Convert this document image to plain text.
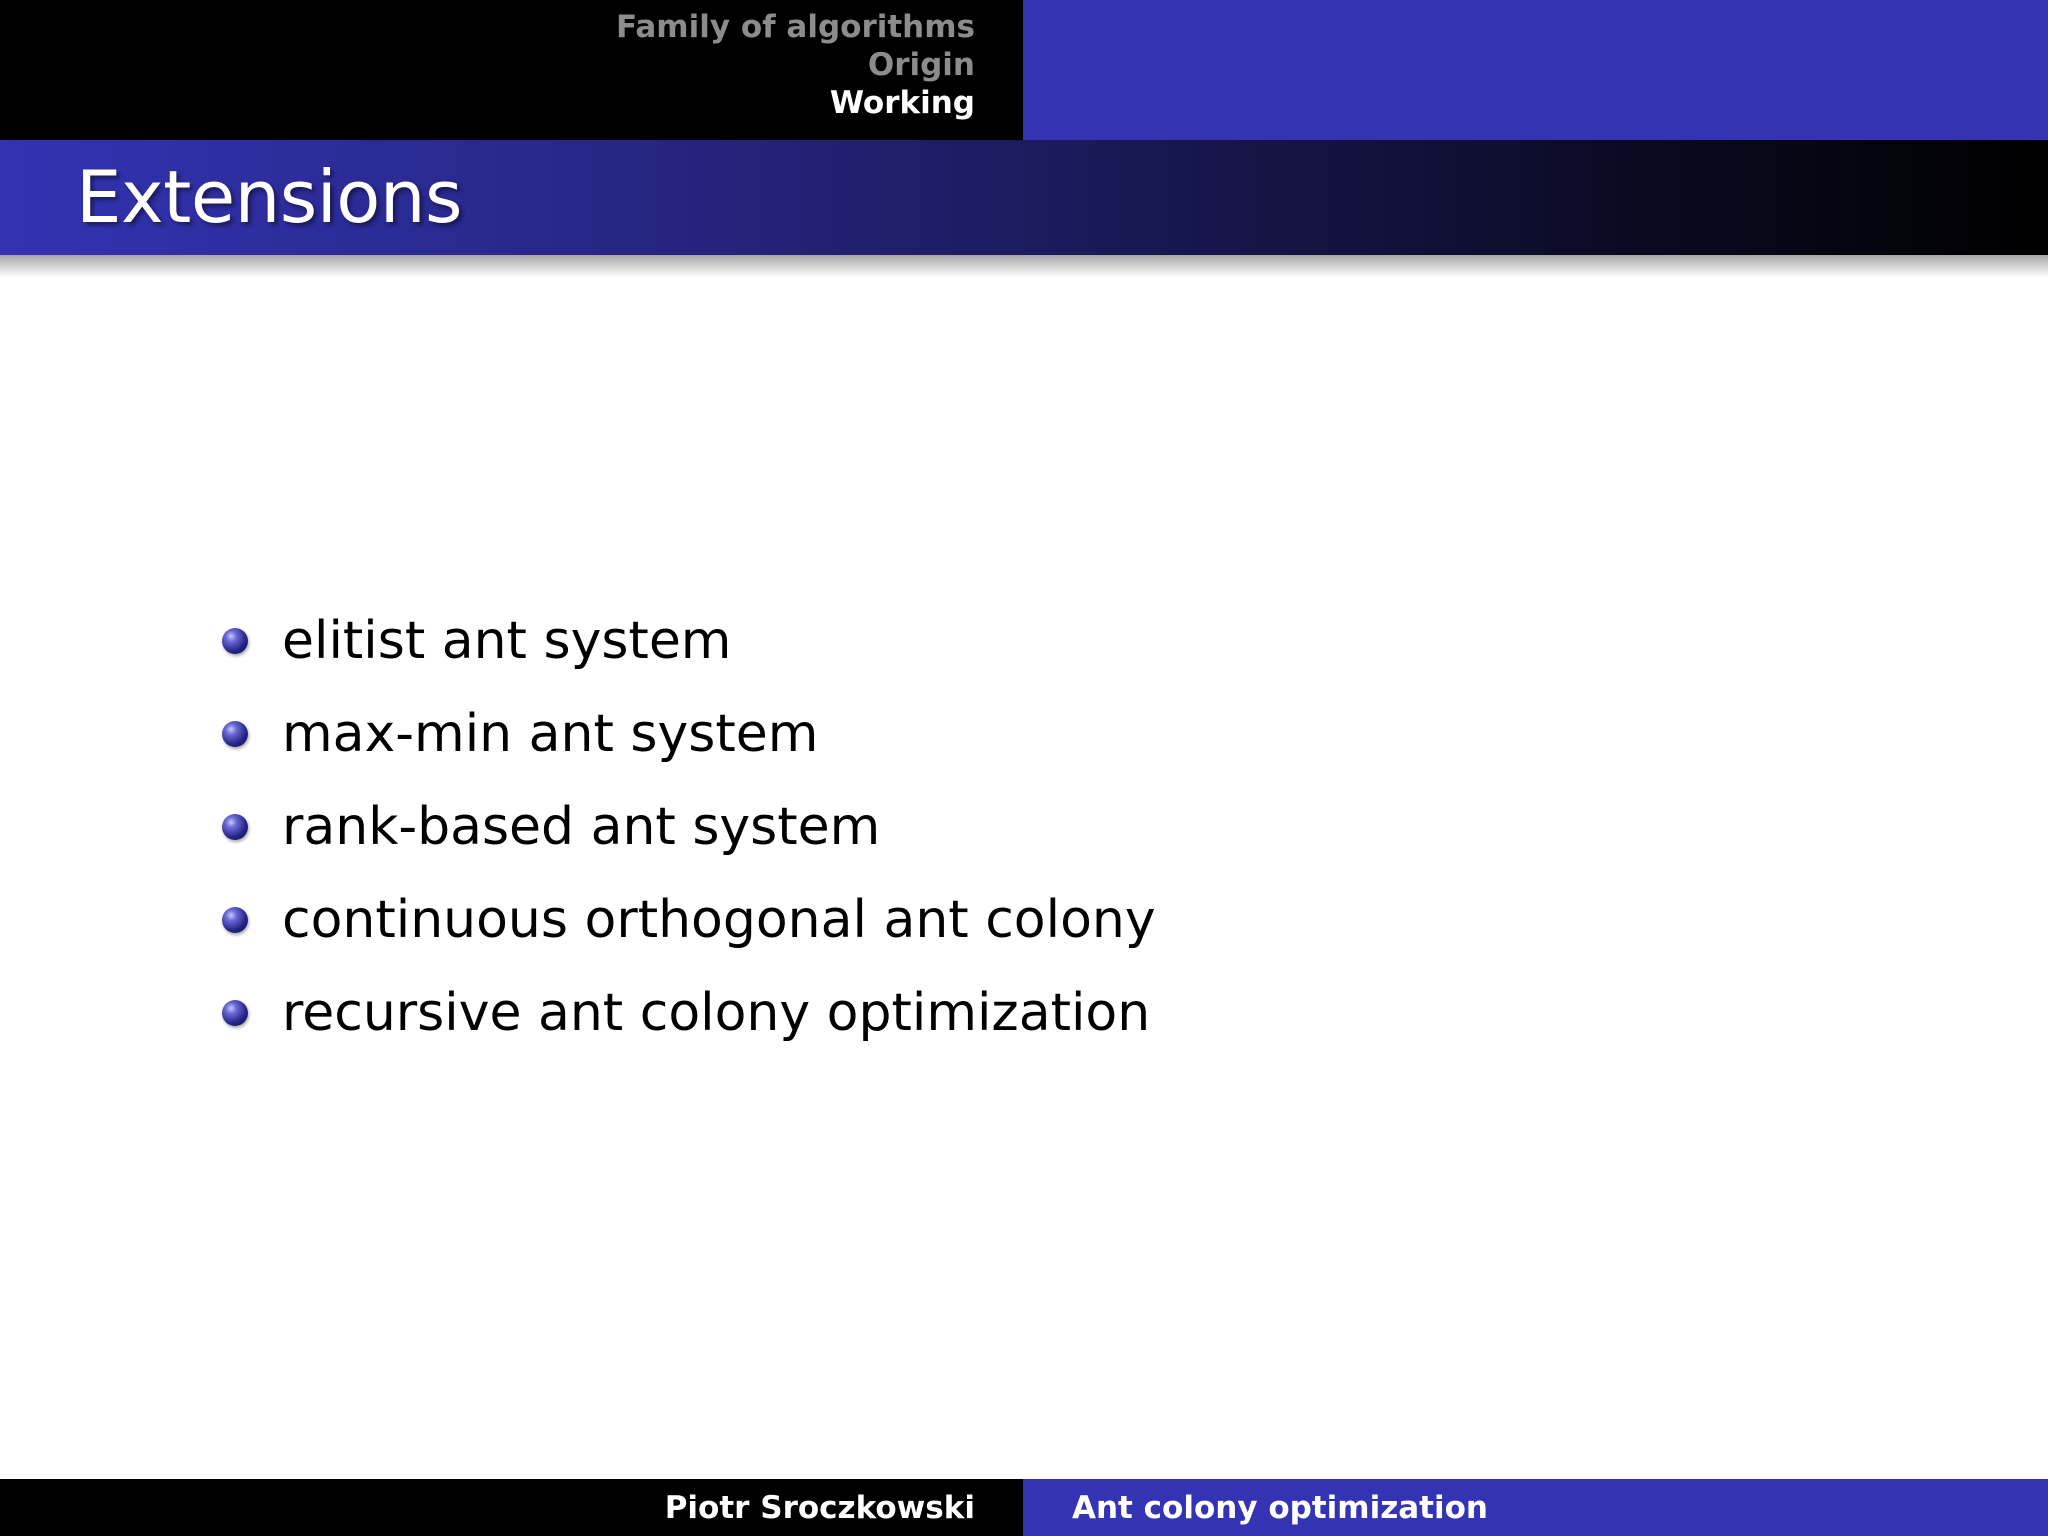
Family of algorithms
Origin
Working
Extensions
elitist ant system
max-min ant system
rank-based ant system
continuous orthogonal ant colony
recursive ant colony optimization
Piotr Sroczkowski	Ant colony optimization
